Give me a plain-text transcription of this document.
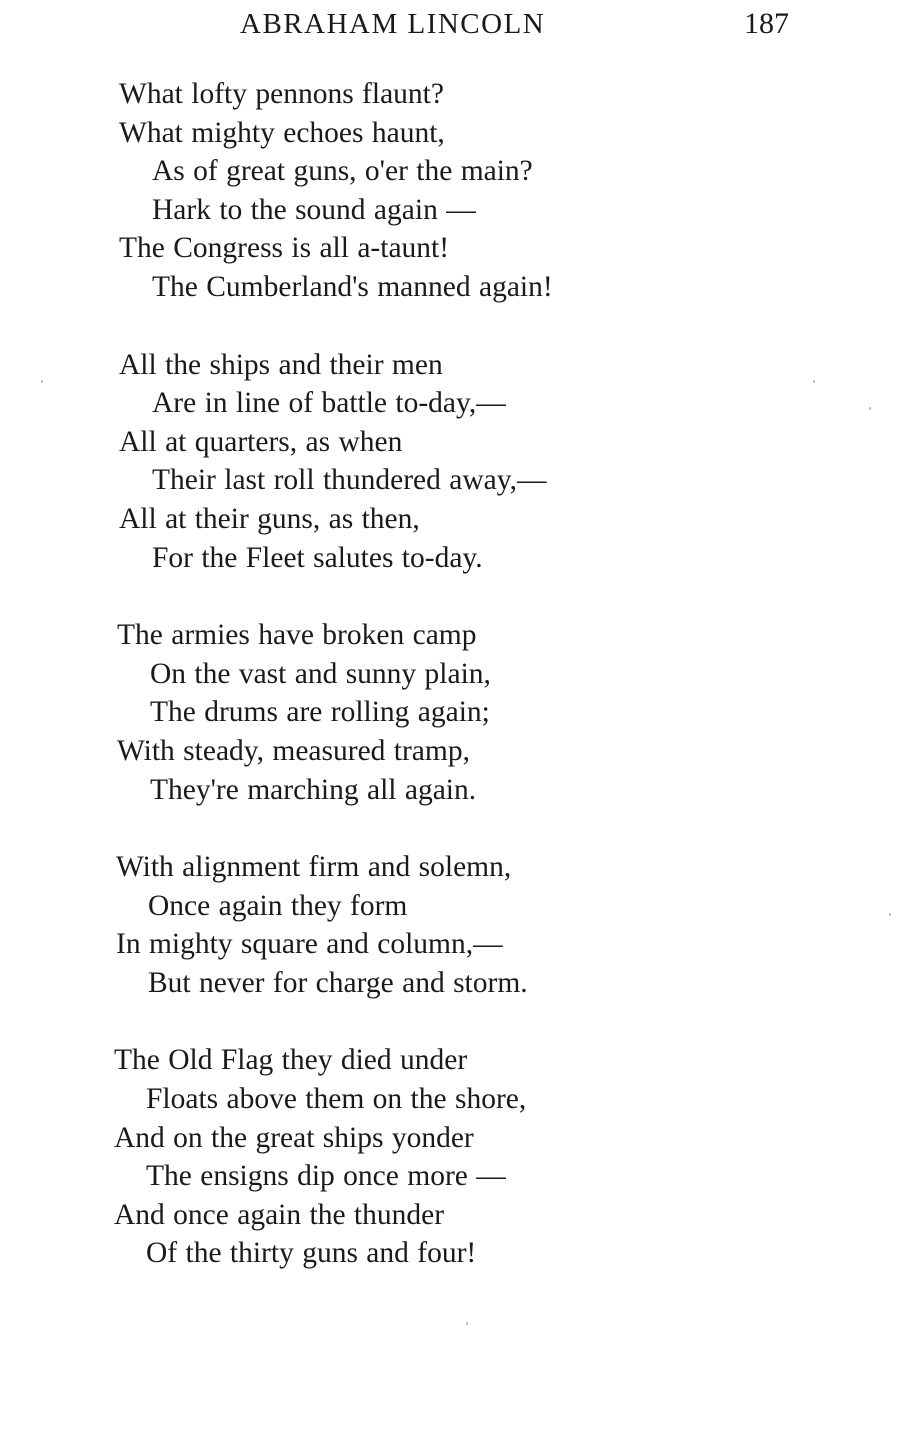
ABRAHAM LINCOLN	187
What lofty pennons flaunt?
What mighty echoes haunt,
As of great guns, o'er the main?
Hark to the sound again —
The Congress is all a-taunt!
The Cumberland's manned again!
All the ships and their men
Are in line of battle to-day,—
All at quarters, as when
Their last roll thundered away,—
All at their guns, as then,
For the Fleet salutes to-day.
The armies have broken camp
On the vast and sunny plain,
The drums are rolling again;
With steady, measured tramp,
They're marching all again.
With alignment firm and solemn,
Once again they form
In mighty square and column,—
But never for charge and storm.
The Old Flag they died under
Floats above them on the shore,
And on the great ships yonder
The ensigns dip once more —
And once again the thunder
Of the thirty guns and four!
